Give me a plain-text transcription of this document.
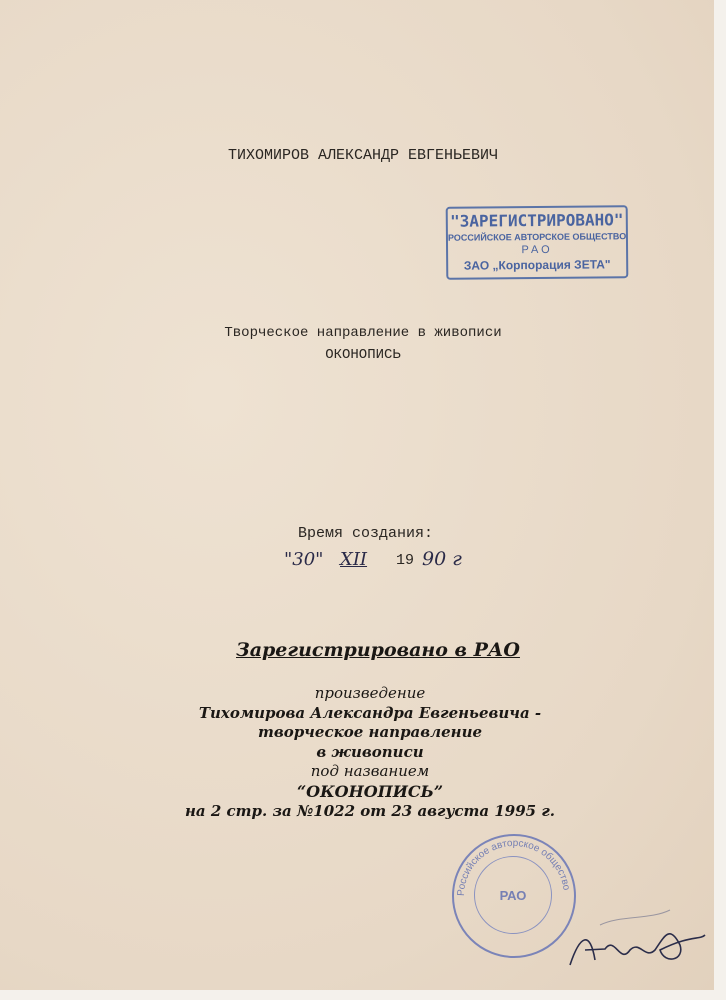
ТИХОМИРОВ АЛЕКСАНДР ЕВГЕНЬЕВИЧ
"ЗАРЕГИСТРИРОВАНО"
РОССИЙСКОЕ АВТОРСКОЕ ОБЩЕСТВО
РАО
ЗАО „Корпорация ЗЕТА"
Творческое направление в живописи
ОКОНОПИСЬ
Время создания:
"30" XII 19 90 г
Зарегистрировано в РАО
произведение
Тихомирова Александра Евгеньевича -
творческое направление
в живописи
под названием
“ОКОНОПИСЬ”
на 2 стр. за №1022 от 23 августа 1995 г.
Российское авторское общество
РАО
